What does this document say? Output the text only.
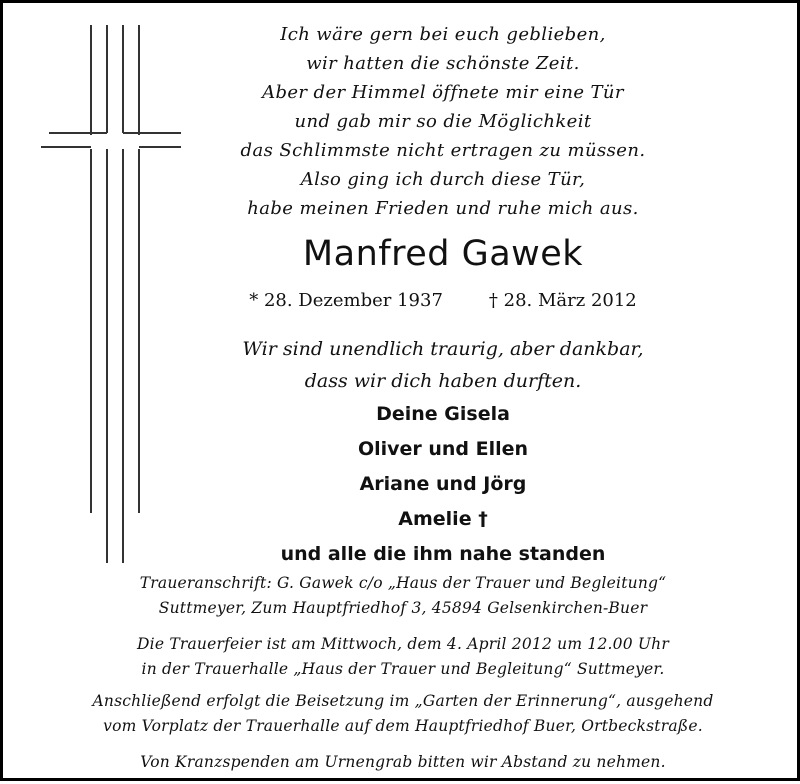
Ich wäre gern bei euch geblieben,
wir hatten die schönste Zeit.
Aber der Himmel öffnete mir eine Tür
und gab mir so die Möglichkeit
das Schlimmste nicht ertragen zu müssen.
Also ging ich durch diese Tür,
habe meinen Frieden und ruhe mich aus.
Manfred Gawek
* 28. Dezember 1937	† 28. März 2012
Wir sind unendlich traurig, aber dankbar,
dass wir dich haben durften.
Deine Gisela
Oliver und Ellen
Ariane und Jörg
Amelie †
und alle die ihm nahe standen
Traueranschrift: G. Gawek c/o „Haus der Trauer und Begleitung“
Suttmeyer, Zum Hauptfriedhof 3, 45894 Gelsenkirchen-Buer
Die Trauerfeier ist am Mittwoch, dem 4. April 2012 um 12.00 Uhr
in der Trauerhalle „Haus der Trauer und Begleitung“ Suttmeyer.
Anschließend erfolgt die Beisetzung im „Garten der Erinnerung“, ausgehend
vom Vorplatz der Trauerhalle auf dem Hauptfriedhof Buer, Ortbeckstraße.
Von Kranzspenden am Urnengrab bitten wir Abstand zu nehmen.
